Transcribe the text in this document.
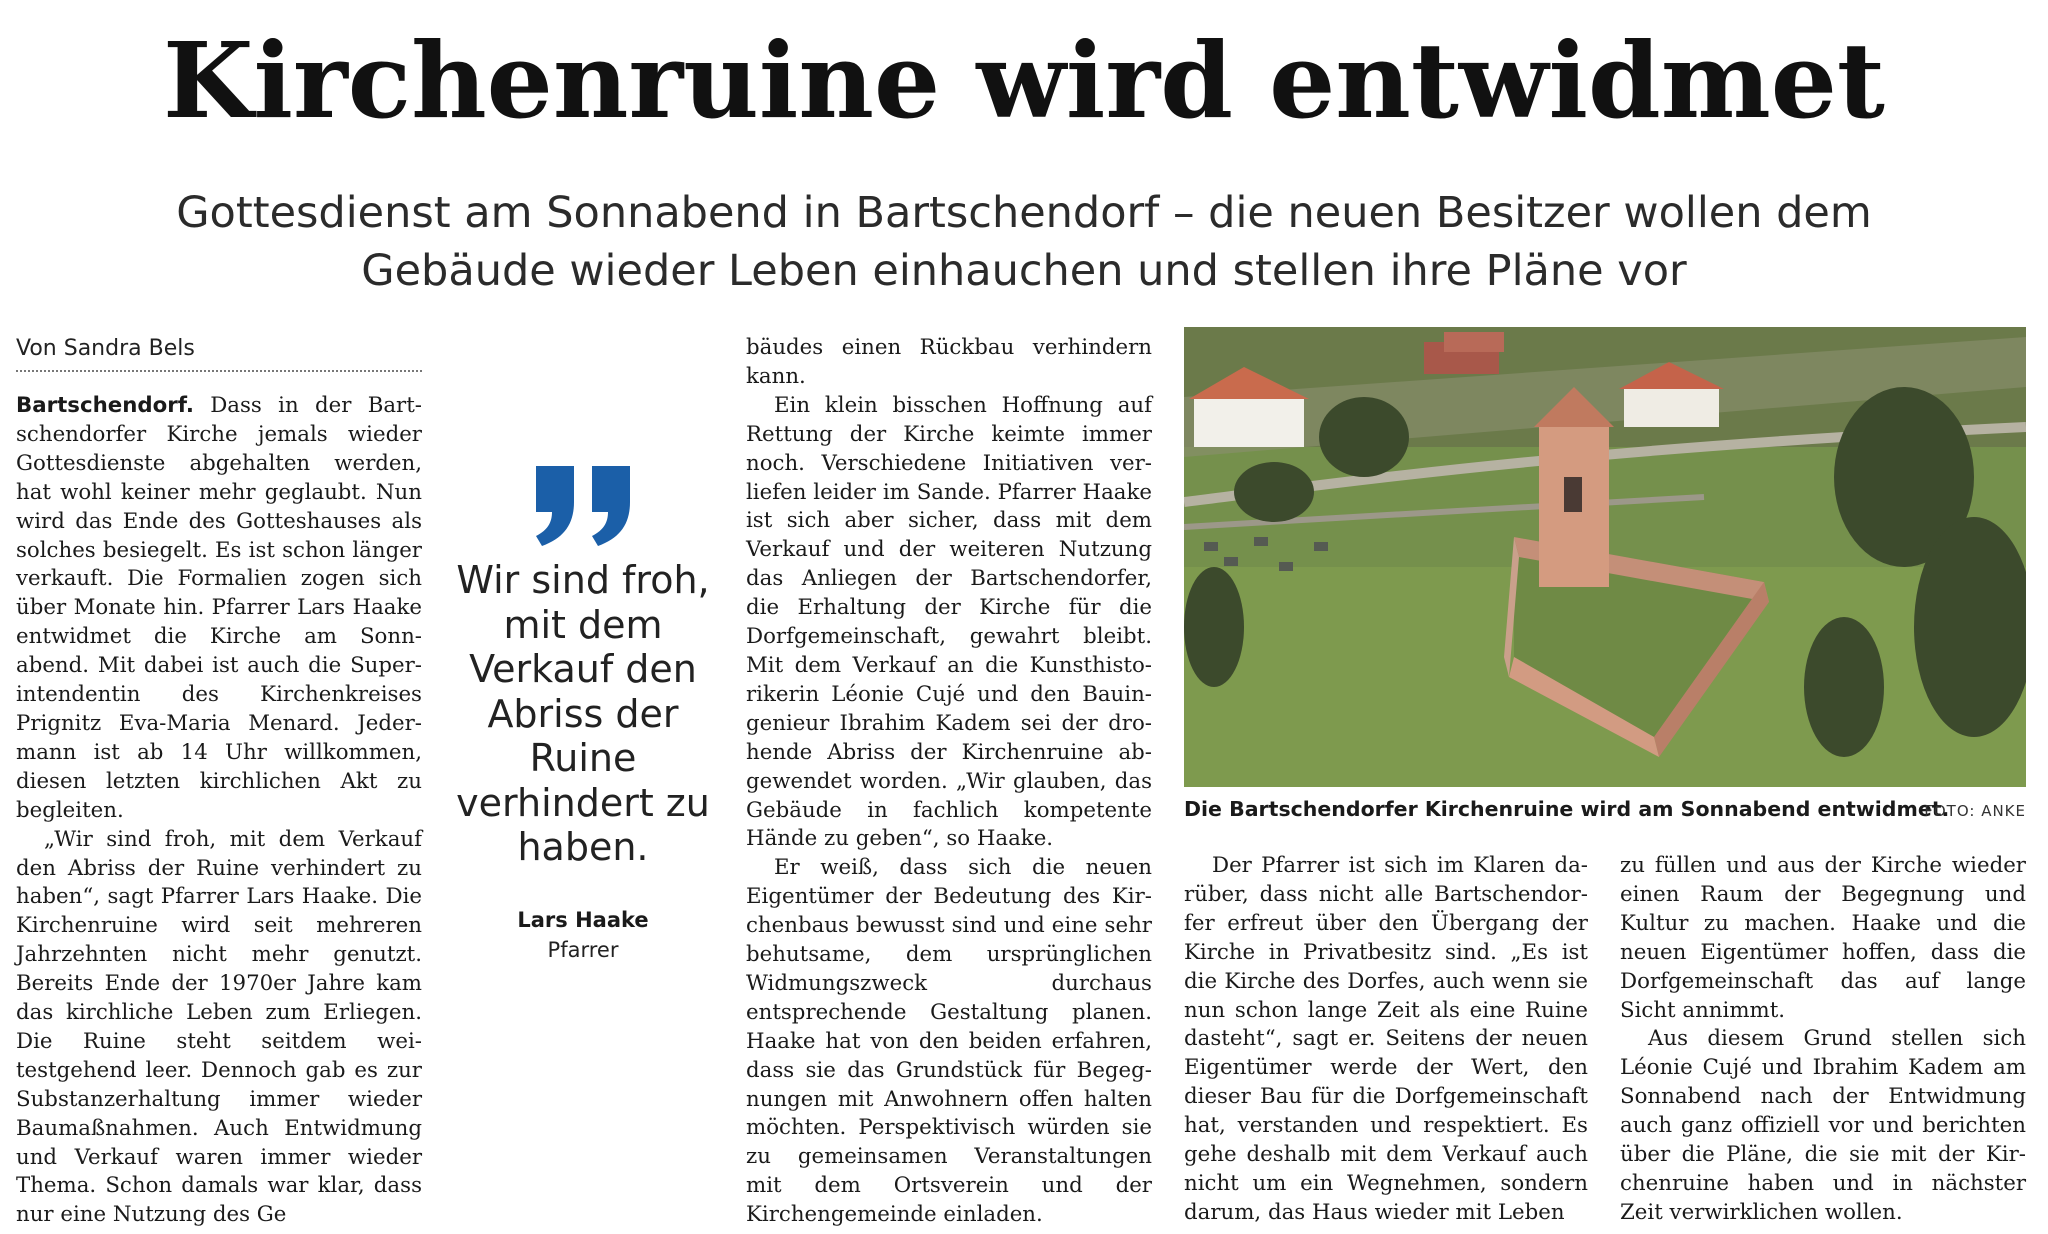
Kirchenruine wird entwidmet

Gottesdienst am Sonnabend in Bartschendorf – die neuen Besitzer wollen dem Gebäude wieder Leben einhauchen und stellen ihre Pläne vor

Von Sandra Bels

Bartschendorf. Dass in der Bartschendorfer Kirche jemals wieder Gottesdienste abgehalten werden, hat wohl keiner mehr geglaubt. Nun wird das Ende des Gotteshauses als solches besiegelt. Es ist schon länger verkauft. Die Formalien zogen sich über Monate hin. Pfarrer Lars Haake entwidmet die Kirche am Sonnabend. Mit dabei ist auch die Superintendentin des Kirchenkreises Prignitz Eva-Maria Menard. Jedermann ist ab 14 Uhr willkommen, diesen letzten kirchlichen Akt zu begleiten.

„Wir sind froh, mit dem Verkauf den Abriss der Ruine verhindert zu haben“, sagt Pfarrer Lars Haake. Die Kirchenruine wird seit mehreren Jahrzehnten nicht mehr genutzt. Bereits Ende der 1970er Jahre kam das kirchliche Leben zum Erliegen. Die Ruine steht seitdem weitestgehend leer. Dennoch gab es zur Substanzerhaltung immer wieder Baumaßnahmen. Auch Entwidmung und Verkauf waren immer wieder Thema. Schon damals war klar, dass nur eine Nutzung des Ge

Wir sind froh, mit dem Verkauf den Abriss der Ruine verhindert zu haben.

Lars Haake
Pfarrer

bäudes einen Rückbau verhindern kann.

Ein klein bisschen Hoffnung auf Rettung der Kirche keimte immer noch. Verschiedene Initiativen verliefen leider im Sande. Pfarrer Haake ist sich aber sicher, dass mit dem Verkauf und der weiteren Nutzung das Anliegen der Bartschendorfer, die Erhaltung der Kirche für die Dorfgemeinschaft, gewahrt bleibt. Mit dem Verkauf an die Kunsthistorikerin Léonie Cujé und den Bauingenieur Ibrahim Kadem sei der drohende Abriss der Kirchenruine abgewendet worden. „Wir glauben, das Gebäude in fachlich kompetente Hände zu geben“, so Haake.

Er weiß, dass sich die neuen Eigentümer der Bedeutung des Kirchenbaus bewusst sind und eine sehr behutsame, dem ursprünglichen Widmungszweck durchaus entsprechende Gestaltung planen. Haake hat von den beiden erfahren, dass sie das Grundstück für Begegnungen mit Anwohnern offen halten möchten. Perspektivisch würden sie zu gemeinsamen Veranstaltungen mit dem Ortsverein und der Kirchengemeinde einladen.

Die Bartschendorfer Kirchenruine wird am Sonnabend entwidmet.
FOTO: ANKE

Der Pfarrer ist sich im Klaren darüber, dass nicht alle Bartschendorfer erfreut über den Übergang der Kirche in Privatbesitz sind. „Es ist die Kirche des Dorfes, auch wenn sie nun schon lange Zeit als eine Ruine dasteht“, sagt er. Seitens der neuen Eigentümer werde der Wert, den dieser Bau für die Dorfgemeinschaft hat, verstanden und respektiert. Es gehe deshalb mit dem Verkauf auch nicht um ein Wegnehmen, sondern darum, das Haus wieder mit Leben

zu füllen und aus der Kirche wieder einen Raum der Begegnung und Kultur zu machen. Haake und die neuen Eigentümer hoffen, dass die Dorfgemeinschaft das auf lange Sicht annimmt.

Aus diesem Grund stellen sich Léonie Cujé und Ibrahim Kadem am Sonnabend nach der Entwidmung auch ganz offiziell vor und berichten über die Pläne, die sie mit der Kirchenruine haben und in nächster Zeit verwirklichen wollen.
